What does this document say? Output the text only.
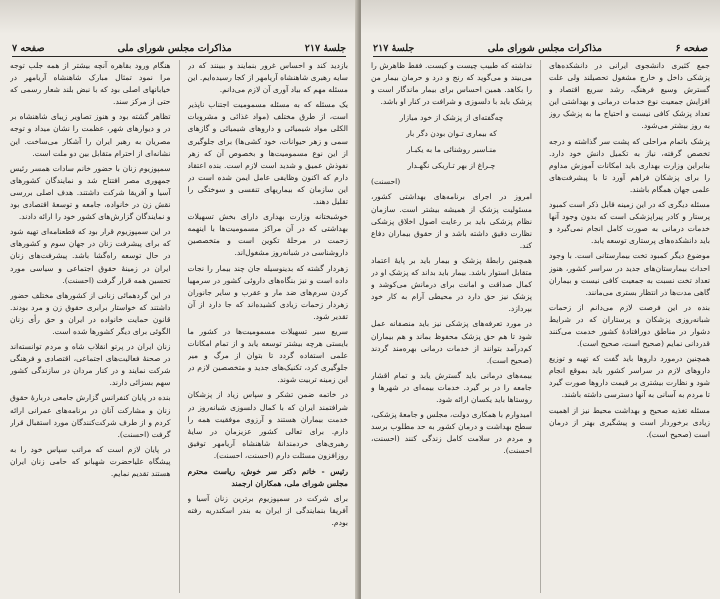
جلسهٔ ۲۱۷
مذاکرات مجلس شورای ملی
صفحه ۷

بازدید کند و احساس غرور بنمایند و ببینند که در سایه رهبری شاهنشاه آریامهر از کجا رسیده‌ایم. این مسئله مهم که بیاد آوری آن لازم می‌دانم.

یک مسئله که به مسئله مسمومیت اجتناب ناپذیر است، از طرق مختلف (مواد غذائی و مشروبات الکلی مواد شیمیائی و داروهای شیمیائی و گازهای سمی و زهر حیوانات، خود کشی‌ها) برای جلوگیری از این نوع مسمومیت‌ها و بخصوص آن که زهر نفوذش عمیق و شدید است لازم است. بنده اعتقاد دارم که اکنون وظایفی عامل ایمن شده است در این سازمان که بیماریهای تنفسی و سوختگی را تقلیل دهند.

خوشبختانه وزارت بهداری دارای بخش تسهیلات بهداشتی که در آن مراکز مسمومیت‌ها با اینهمه زحمت در مرحلهٔ تکوین است و متخصصین داروشناسی در شبانه‌روز مشغول‌اند.

زهردار گشته که بدینوسیله جان چند بیمار را نجات داده است و نیز بنگاه‌های داروئی کشور در سرمهیا کردن سرم‌های ضد مار و عقرب و سایر جانوران زهردار زحمات زیادی کشیده‌اند که جا دارد از آن تقدیر شود.

سریع سیر تسهیلات مسمومیت‌ها در کشور ما بایستی هرچه بیشتر توسعه یابد و از تمام امکانات علمی استفاده گردد تا بتوان از مرگ و میر جلوگیری کرد، تکنیک‌های جدید و متخصصین لازم در این زمینه تربیت شوند.

در خاتمه ضمن تشکر و سپاس زیاد از پزشکان شرافتمند ایران که با کمال دلسوزی شبانه‌روز در خدمت بیماران هستند و آرزوی موفقیت همه را دارم. برای تعالی کشور عزیزمان در سایهٔ رهبری‌های خردمندانهٔ شاهنشاه آریامهر توفیق روزافزون مسئلت دارم (احسنت، احسنت).

رئیس - خانم دکتر سر خوش، ریاست محترم مجلس شورای ملی، همکاران ارجمند

برای شرکت در سمپوزیوم برترین زنان آسیا و آفریقا بنمایندگی از ایران به بندر اسکندریه رفته بودم.

هنگام ورود بقاهره آنچه بیشتر از همه جلب توجه مرا نمود تمثال مبارک شاهنشاه آریامهر در خیابانهای اصلی بود که با نبض بلند شعار رسمی که حتی از مرکز سند.

تظاهر گشته بود و هنوز تصاویر زیبای شاهنشاه بر در و دیوارهای شهر، عظمت را نشان میداد و توجه مصریان به رهبر ایران را آشکار می‌ساخت. این نشانه‌ای از احترام متقابل بین دو ملت است.

سمپوزیوم زنان با حضور خانم سادات همسر رئیس جمهوری مصر افتتاح شد و نمایندگان کشورهای آسیا و آفریقا شرکت داشتند. هدف اصلی بررسی نقش زن در خانواده، جامعه و توسعهٔ اقتصادی بود و نمایندگان گزارش‌های کشور خود را ارائه دادند.

در این سمپوزیوم قرار بود که قطعنامه‌ای تهیه شود که برای پیشرفت زنان در جهان سوم و کشورهای در حال توسعه راه‌گشا باشد. پیشرفت‌های زنان ایران در زمینهٔ حقوق اجتماعی و سیاسی مورد تحسین همه قرار گرفت (احسنت).

در این گردهمائی زنانی از کشورهای مختلف حضور داشتند که خواستار برابری حقوق زن و مرد بودند. قانون حمایت خانواده در ایران و حق رأی زنان الگوئی برای دیگر کشورها شده است.

زنان ایران در پرتو انقلاب شاه و مردم توانسته‌اند در صحنهٔ فعالیت‌های اجتماعی، اقتصادی و فرهنگی شرکت نمایند و در کنار مردان در سازندگی کشور سهم بسزائی دارند.

بنده در پایان کنفرانس گزارش جامعی دربارهٔ حقوق زنان و مشارکت آنان در برنامه‌های عمرانی ارائه کردم و از طرف شرکت‌کنندگان مورد استقبال قرار گرفت (احسنت).

در پایان لازم است که مراتب سپاس خود را به پیشگاه علیاحضرت شهبانو که حامی زنان ایران هستند تقدیم نمایم.

صفحه ۶
مذاکرات مجلس شورای ملی
جلسهٔ ۲۱۷

جمع کثیری دانشجوی ایرانی در دانشکده‌های پزشکی داخل و خارج مشغول تحصیلند ولی علت گسترش وسیع فرهنگ، رشد سریع اقتصاد و افزایش جمعیت نوع خدمات درمانی و بهداشتی این تعداد پزشک کافی نیست و احتیاج ما به پزشک روز به روز بیشتر می‌شود.

پزشک باتمام مراحلی که پشت سر گذاشته و درجه تخصص گرفته، نیاز به تکمیل دانش خود دارد. بنابراین وزارت بهداری باید امکانات آموزش مداوم را برای پزشکان فراهم آورد تا با پیشرفت‌های علمی جهان همگام باشند.

مسئله دیگری که در این زمینه قابل ذکر است کمبود پرستار و کادر پیراپزشکی است که بدون وجود آنها خدمات درمانی به صورت کامل انجام نمی‌گیرد و باید دانشکده‌های پرستاری توسعه یابد.

موضوع دیگر کمبود تخت بیمارستانی است. با وجود احداث بیمارستان‌های جدید در سراسر کشور، هنوز تعداد تخت نسبت به جمعیت کافی نیست و بیماران گاهی مدت‌ها در انتظار بستری می‌مانند.

بنده در این فرصت لازم می‌دانم از زحمات شبانه‌روزی پزشکان و پرستاران که در شرایط دشوار در مناطق دورافتادهٔ کشور خدمت می‌کنند قدردانی نمایم (صحیح است، صحیح است).

همچنین درمورد داروها باید گفت که تهیه و توزیع داروهای لازم در سراسر کشور باید بموقع انجام شود و نظارت بیشتری بر قیمت داروها صورت گیرد تا مردم به آسانی به آنها دسترسی داشته باشند.

مسئله تغذیه صحیح و بهداشت محیط نیز از اهمیت زیادی برخوردار است و پیشگیری بهتر از درمان است (صحیح است).

نداشته که طبیب چیست و کیست. فقط ظاهرش را می‌بیند و می‌گوید که رنج و درد و حرمان بیمار من را بکاهد. همین احساس برای بیمار ماندگار است و پزشک باید با دلسوزی و شرافت در کنار او باشد.

چه‌گفته‌ای از پزشک از خود میازار

که بیماری تـوان بودن دگر بار

منـاسبر روشنائی ما به یکبـار

چـراغ از بهر تـاریکی نگهـدار

(احسنت)

امروز در اجرای برنامه‌های بهداشتی کشور، مسئولیت پزشک از همیشه بیشتر است. سازمان نظام پزشکی باید بر رعایت اصول اخلاق پزشکی نظارت دقیق داشته باشد و از حقوق بیماران دفاع کند.

همچنین رابطهٔ پزشک و بیمار باید بر پایهٔ اعتماد متقابل استوار باشد. بیمار باید بداند که پزشک او در کمال صداقت و امانت برای درمانش می‌کوشد و پزشک نیز حق دارد در محیطی آرام به کار خود بپردازد.

در مورد تعرفه‌های پزشکی نیز باید منصفانه عمل شود تا هم حق پزشک محفوظ بماند و هم بیماران کم‌درآمد بتوانند از خدمات درمانی بهره‌مند گردند (صحیح است).

بیمه‌های درمانی باید گسترش یابد و تمام اقشار جامعه را در بر گیرد. خدمات بیمه‌ای در شهرها و روستاها باید یکسان ارائه شود.

امیدوارم با همکاری دولت، مجلس و جامعهٔ پزشکی، سطح بهداشت و درمان کشور به حد مطلوب برسد و مردم در سلامت کامل زندگی کنند (احسنت، احسنت).
